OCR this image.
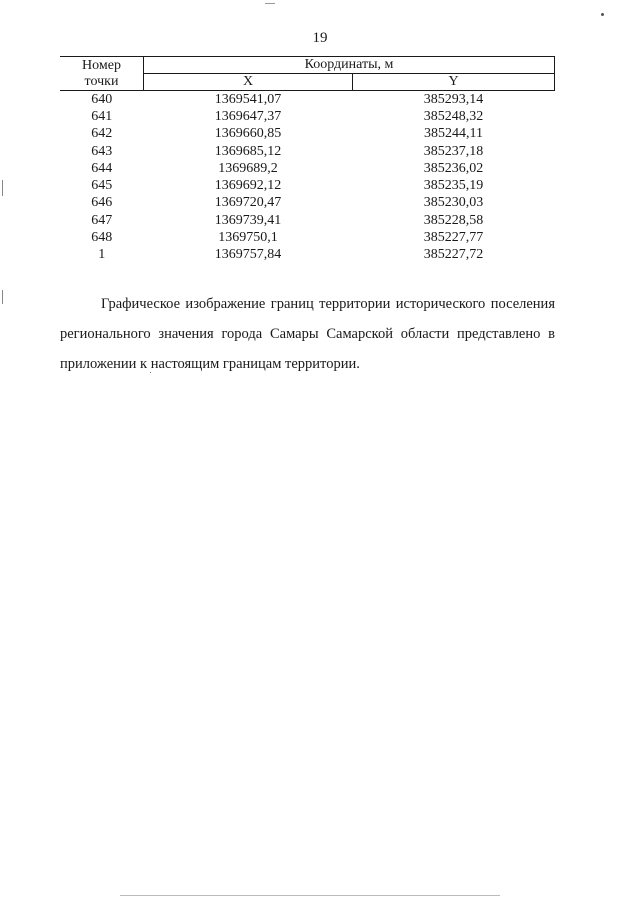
19
Номер
точки	Координаты, м	
	X	Y
640	1369541,07	385293,14
641	1369647,37	385248,32
642	1369660,85	385244,11
643	1369685,12	385237,18
644	1369689,2	385236,02
645	1369692,12	385235,19
646	1369720,47	385230,03
647	1369739,41	385228,58
648	1369750,1	385227,77
1	1369757,84	385227,72
Графическое изображение границ территории исторического поселения регионального значения города Самары Самарской области представлено в приложении к настоящим границам территории.
